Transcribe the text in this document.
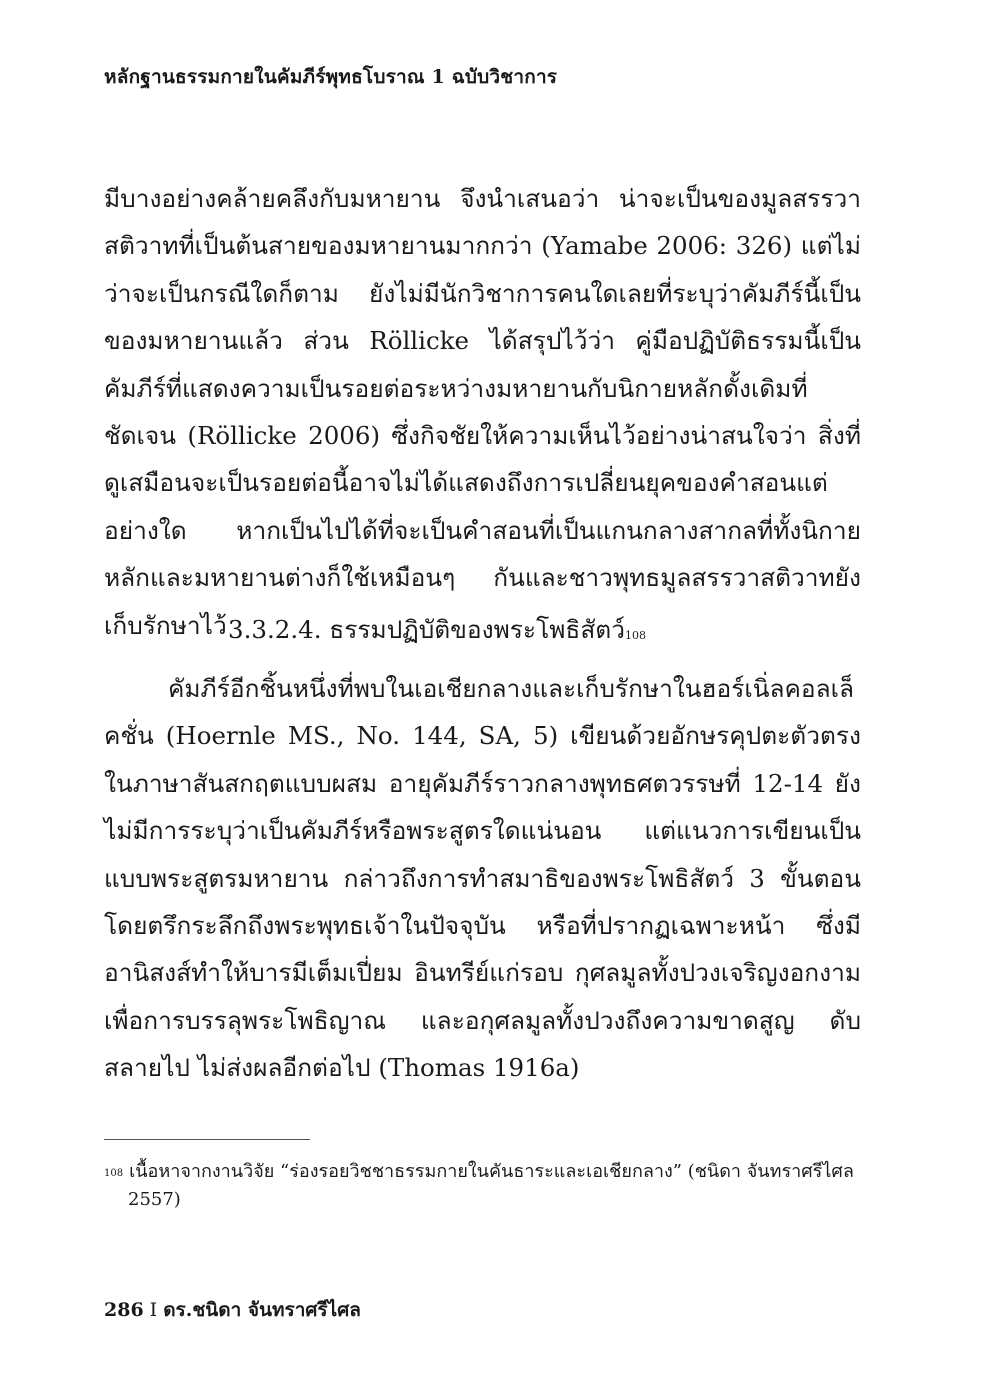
หลักฐานธรรมกายในคัมภีร์พุทธโบราณ 1 ฉบับวิชาการ

มีบางอย่างคล้ายคลึงกับมหายาน จึงนำเสนอว่า น่าจะเป็นของมูลสรรวาสติวาทที่เป็นต้นสายของมหายานมากกว่า (Yamabe 2006: 326) แต่ไม่ว่าจะเป็นกรณีใดก็ตาม ยังไม่มีนักวิชาการคนใดเลยที่ระบุว่าคัมภีร์นี้เป็นของมหายานแล้ว ส่วน Röllicke ได้สรุปไว้ว่า คู่มือปฏิบัติธรรมนี้เป็นคัมภีร์ที่แสดงความเป็นรอยต่อระหว่างมหายานกับนิกายหลักดั้งเดิมที่ชัดเจน (Röllicke 2006) ซึ่งกิจชัยให้ความเห็นไว้อย่างน่าสนใจว่า สิ่งที่ดูเสมือนจะเป็นรอยต่อนี้อาจไม่ได้แสดงถึงการเปลี่ยนยุคของคำสอนแต่อย่างใด หากเป็นไปได้ที่จะเป็นคำสอนที่เป็นแกนกลางสากลที่ทั้งนิกายหลักและมหายานต่างก็ใช้เหมือนๆ กันและชาวพุทธมูลสรรวาสติวาทยังเก็บรักษาไว้ 3.3.2.4. ธรรมปฏิบัติของพระโพธิสัตว์$^{108}$

คัมภีร์อีกชิ้นหนึ่งที่พบในเอเชียกลางและเก็บรักษาในฮอร์เนิ่ลคอลเล็คชั่น (Hoernle MS., No. 144, SA, 5) เขียนด้วยอักษรคุปตะตัวตรง ในภาษาสันสกฤตแบบผสม อายุคัมภีร์ราวกลางพุทธศตวรรษที่ 12-14 ยังไม่มีการระบุว่าเป็นคัมภีร์หรือพระสูตรใดแน่นอน แต่แนวการเขียนเป็นแบบพระสูตรมหายาน กล่าวถึงการทำสมาธิของพระโพธิสัตว์ 3 ขั้นตอน โดยตรึกระลึกถึงพระพุทธเจ้าในปัจจุบัน หรือที่ปรากฏเฉพาะหน้า ซึ่งมีอานิสงส์ทำให้บารมีเต็มเปี่ยม อินทรีย์แก่รอบ กุศลมูลทั้งปวงเจริญงอกงามเพื่อการบรรลุพระโพธิญาณ และอกุศลมูลทั้งปวงถึงความขาดสูญ ดับสลายไป ไม่ส่งผลอีกต่อไป (Thomas 1916a)

$^{108}$ เนื้อหาจากงานวิจัย “ร่องรอยวิชชาธรรมกายในคันธาระและเอเชียกลาง” (ชนิดา จันทราศรีไศล
2557)

286 I ดร.ชนิดา จันทราศรีไศล
